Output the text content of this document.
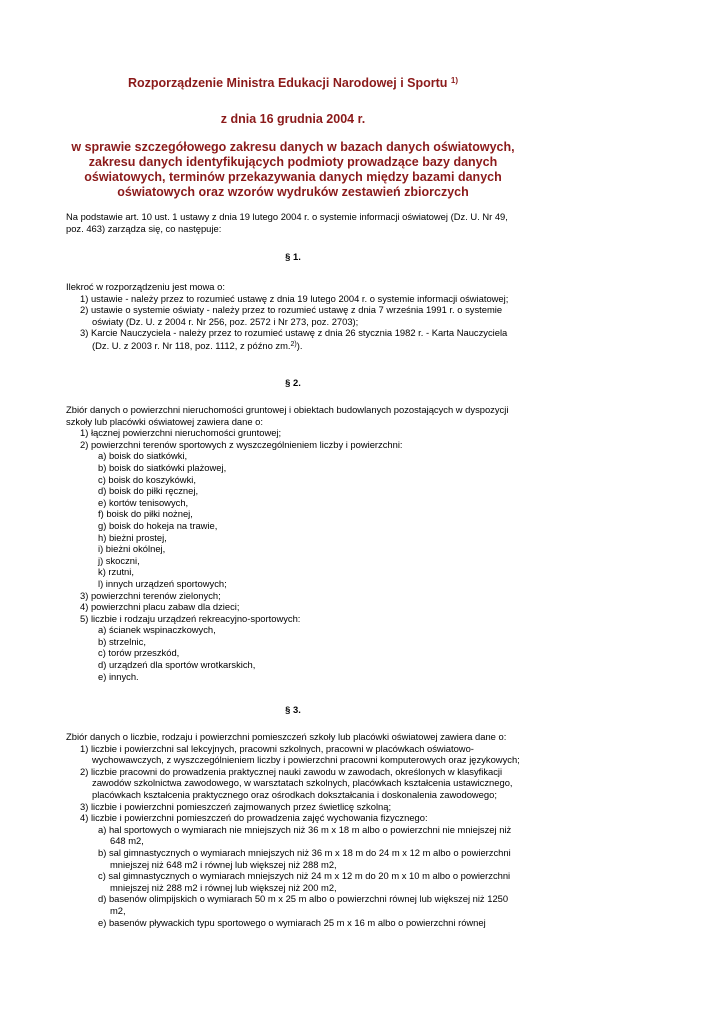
Rozporządzenie Ministra Edukacji Narodowej i Sportu $^{1)}$
z dnia 16 grudnia 2004 r.
w sprawie szczegółowego zakresu danych w bazach danych oświatowych, zakresu danych identyfikujących podmioty prowadzące bazy danych oświatowych, terminów przekazywania danych między bazami danych oświatowych oraz wzorów wydruków zestawień zbiorczych
Na podstawie art. 10 ust. 1 ustawy z dnia 19 lutego 2004 r. o systemie informacji oświatowej (Dz. U. Nr 49, poz. 463) zarządza się, co następuje:
§ 1.
Ilekroć w rozporządzeniu jest mowa o:
1) ustawie - należy przez to rozumieć ustawę z dnia 19 lutego 2004 r. o systemie informacji oświatowej;
2) ustawie o systemie oświaty - należy przez to rozumieć ustawę z dnia 7 września 1991 r. o systemie oświaty (Dz. U. z 2004 r. Nr 256, poz. 2572 i Nr 273, poz. 2703);
3) Karcie Nauczyciela - należy przez to rozumieć ustawę z dnia 26 stycznia 1982 r. - Karta Nauczyciela (Dz. U. z 2003 r. Nr 118, poz. 1112, z późno zm.$^{2)}$).
§ 2.
Zbiór danych o powierzchni nieruchomości gruntowej i obiektach budowlanych pozostających w dyspozycji szkoły lub placówki oświatowej zawiera dane o:
1) łącznej powierzchni nieruchomości gruntowej;
2) powierzchni terenów sportowych z wyszczególnieniem liczby i powierzchni:
a) boisk do siatkówki,
b) boisk do siatkówki plażowej,
c) boisk do koszykówki,
d) boisk do piłki ręcznej,
e) kortów tenisowych,
f) boisk do piłki nożnej,
g) boisk do hokeja na trawie,
h) bieżni prostej,
i) bieżni okólnej,
j) skoczni,
k) rzutni,
l) innych urządzeń sportowych;
3) powierzchni terenów zielonych;
4) powierzchni placu zabaw dla dzieci;
5) liczbie i rodzaju urządzeń rekreacyjno-sportowych:
a) ścianek wspinaczkowych,
b) strzelnic,
c) torów przeszkód,
d) urządzeń dla sportów wrotkarskich,
e) innych.
§ 3.
Zbiór danych o liczbie, rodzaju i powierzchni pomieszczeń szkoły lub placówki oświatowej zawiera dane o:
1) liczbie i powierzchni sal lekcyjnych, pracowni szkolnych, pracowni w placówkach oświatowo-wychowawczych, z wyszczególnieniem liczby i powierzchni pracowni komputerowych oraz językowych;
2) liczbie pracowni do prowadzenia praktycznej nauki zawodu w zawodach, określonych w klasyfikacji zawodów szkolnictwa zawodowego, w warsztatach szkolnych, placówkach kształcenia ustawicznego, placówkach kształcenia praktycznego oraz ośrodkach dokształcania i doskonalenia zawodowego;
3) liczbie i powierzchni pomieszczeń zajmowanych przez świetlicę szkolną;
4) liczbie i powierzchni pomieszczeń do prowadzenia zajęć wychowania fizycznego:
a) hal sportowych o wymiarach nie mniejszych niż 36 m x 18 m albo o powierzchni nie mniejszej niż 648 m2,
b) sal gimnastycznych o wymiarach mniejszych niż 36 m x 18 m do 24 m x 12 m albo o powierzchni mniejszej niż 648 m2 i równej lub większej niż 288 m2,
c) sal gimnastycznych o wymiarach mniejszych niż 24 m x 12 m do 20 m x 10 m albo o powierzchni mniejszej niż 288 m2 i równej lub większej niż 200 m2,
d) basenów olimpijskich o wymiarach 50 m x 25 m albo o powierzchni równej lub większej niż 1250 m2,
e) basenów pływackich typu sportowego o wymiarach 25 m x 16 m albo o powierzchni równej
